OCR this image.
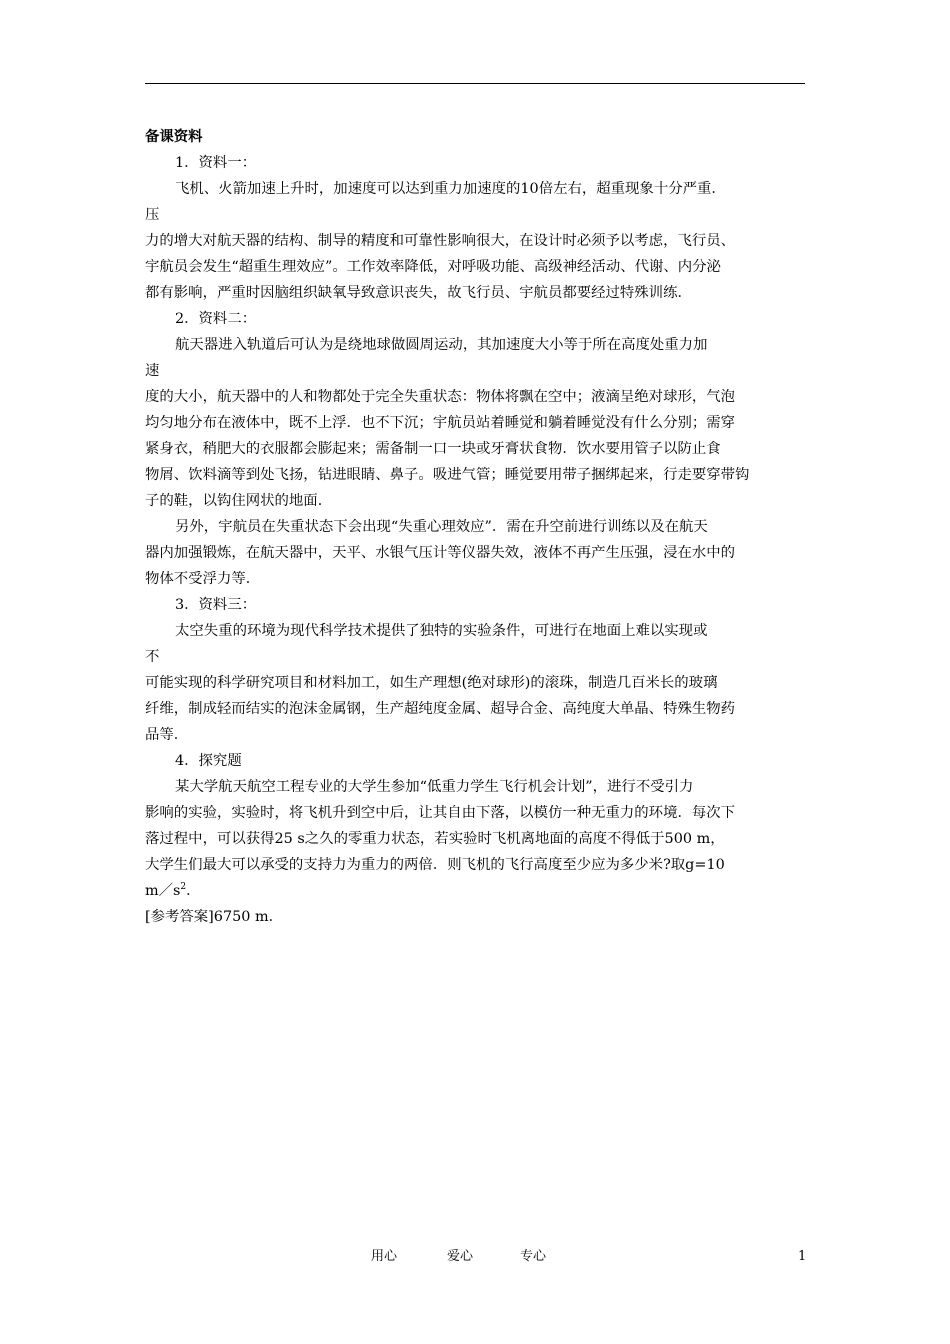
备课资料
1．资料一：
飞机、火箭加速上升时，加速度可以达到重力加速度的10倍左右，超重现象十分严重．
压
力的增大对航天器的结构、制导的精度和可靠性影响很大，在设计时必须予以考虑，飞行员、
宇航员会发生“超重生理效应”。工作效率降低，对呼吸功能、高级神经活动、代谢、内分泌
都有影响，严重时因脑组织缺氧导致意识丧失，故飞行员、宇航员都要经过特殊训练．
2．资料二：
航天器进入轨道后可认为是绕地球做圆周运动，其加速度大小等于所在高度处重力加
速
度的大小，航天器中的人和物都处于完全失重状态：物体将飘在空中；液滴呈绝对球形，气泡
均匀地分布在液体中，既不上浮．也不下沉；宇航员站着睡觉和躺着睡觉没有什么分别；需穿
紧身衣，稍肥大的衣服都会膨起来；需备制一口一块或牙膏状食物．饮水要用管子以防止食
物屑、饮料滴等到处飞扬，钻进眼睛、鼻子。吸进气管；睡觉要用带子捆绑起来，行走要穿带钩
子的鞋，以钩住网状的地面．
另外，宇航员在失重状态下会出现“失重心理效应”．需在升空前进行训练以及在航天
器内加强锻炼，在航天器中，天平、水银气压计等仪器失效，液体不再产生压强，浸在水中的
物体不受浮力等．
3．资料三：
太空失重的环境为现代科学技术提供了独特的实验条件，可进行在地面上难以实现或
不
可能实现的科学研究项目和材料加工，如生产理想(绝对球形)的滚珠，制造几百米长的玻璃
纤维，制成轻而结实的泡沫金属钢，生产超纯度金属、超导合金、高纯度大单晶、特殊生物药
品等．
4．探究题
某大学航天航空工程专业的大学生参加“低重力学生飞行机会计划”，进行不受引力
影响的实验，实验时，将飞机升到空中后，让其自由下落，以模仿一种无重力的环境．每次下
落过程中，可以获得25 s之久的零重力状态，若实验时飞机离地面的高度不得低于500 m，
大学生们最大可以承受的支持力为重力的两倍．则飞机的飞行高度至少应为多少米?取g=10
$m/s^2$．
[参考答案]6750 m．
用心	爱心	专心	1
